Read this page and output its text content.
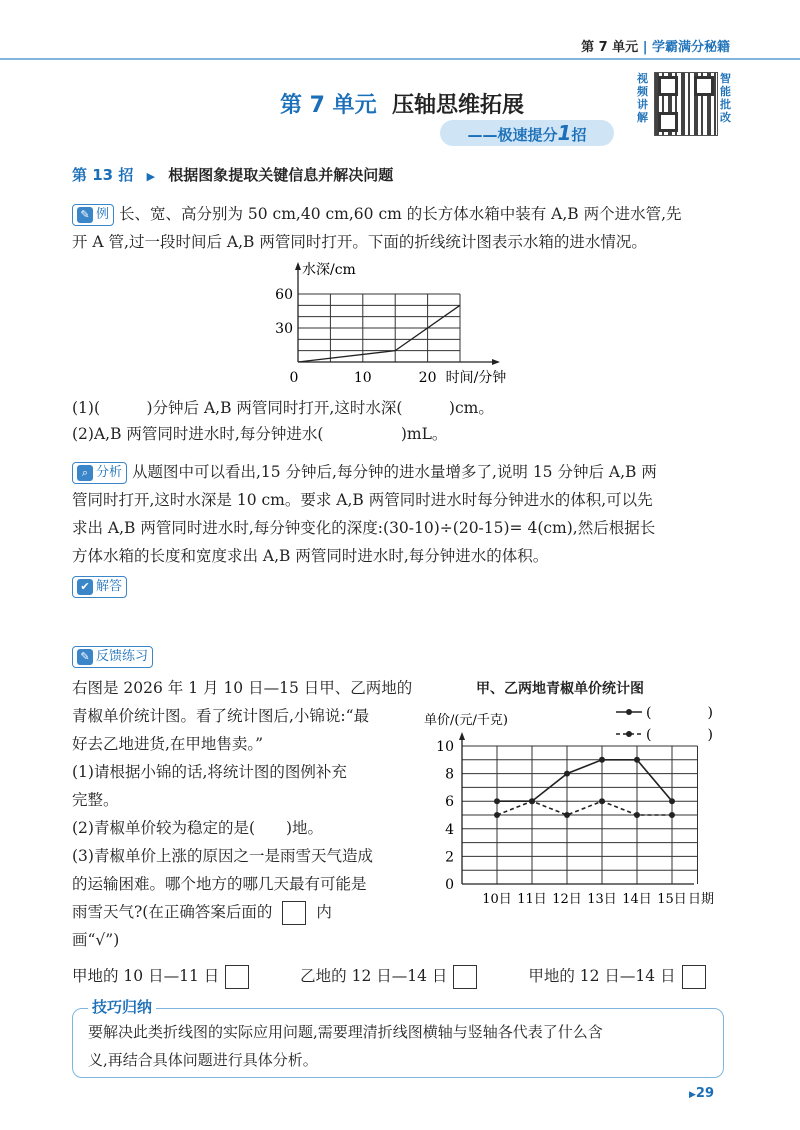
第 7 单元 | 学霸满分秘籍
第 7 单元 压轴思维拓展
——极速提分1招
视频讲解
智能批改
第 13 招 ▶ 根据图象提取关键信息并解决问题
✎ 例 长、宽、高分别为 50 cm,40 cm,60 cm 的长方体水箱中装有 A,B 两个进水管,先
开 A 管,过一段时间后 A,B 两管同时打开。下面的折线统计图表示水箱的进水情况。
水深/cm
30
60
0	10	20 时间/分钟
(1)(　　　)分钟后 A,B 两管同时打开,这时水深(　　　)cm。
(2)A,B 两管同时进水时,每分钟进水(　　　　　)mL。
⌕ 分析 从题图中可以看出,15 分钟后,每分钟的进水量增多了,说明 15 分钟后 A,B 两
管同时打开,这时水深是 10 cm。要求 A,B 两管同时进水时每分钟进水的体积,可以先
求出 A,B 两管同时进水时,每分钟变化的深度:(30-10)÷(20-15)= 4(cm),然后根据长
方体水箱的长度和宽度求出 A,B 两管同时进水时,每分钟进水的体积。
✔ 解答
✎ 反馈练习
右图是 2026 年 1 月 10 日—15 日甲、乙两地的
青椒单价统计图。看了统计图后,小锦说:“最
好去乙地进货,在甲地售卖。”
(1)请根据小锦的话,将统计图的图例补充
完整。
(2)青椒单价较为稳定的是(　　)地。
(3)青椒单价上涨的原因之一是雨雪天气造成
的运输困难。哪个地方的哪几天最有可能是
雨雪天气?(在正确答案后面的	内
画“√”)
甲、乙两地青椒单价统计图
单价/(元/千克)
0
2
4
6
8
10
10日 11日 12日 13日 14日 15日 日期
(　　　　)
(　　　　)
甲地的 10 日—11 日	乙地的 12 日—14 日	甲地的 12 日—14 日
技巧归纳
要解决此类折线图的实际应用问题,需要理清折线图横轴与竖轴各代表了什么含
义,再结合具体问题进行具体分析。
▶29
